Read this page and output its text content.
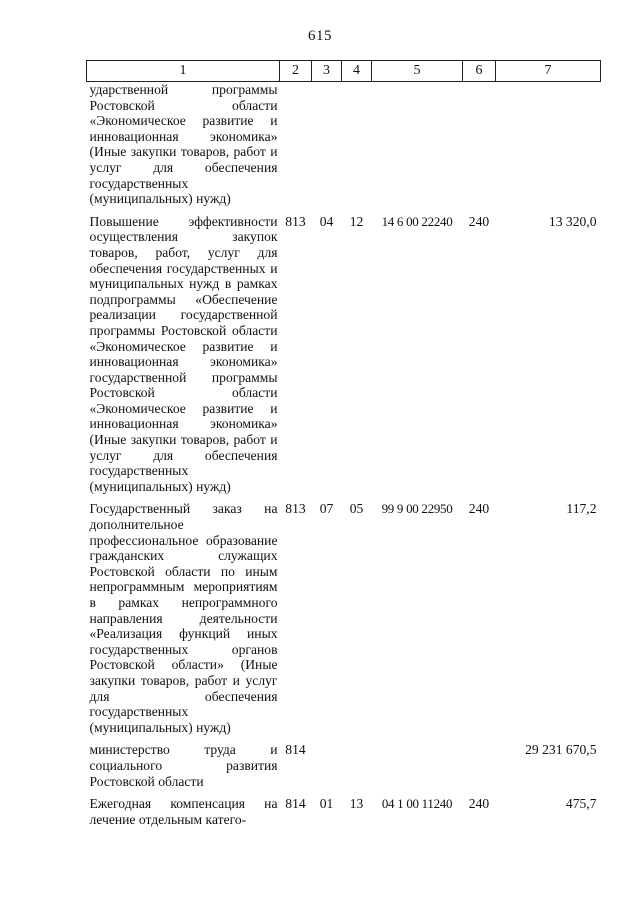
615
1	2	3	4	5	6	7
ударственной программы Ростовской области «Экономическое развитие и инновационная экономика» (Иные закупки товаров, работ и услуг для обеспечения государственных (муниципальных) нужд)						

Повышение эффективности осуществления закупок товаров, работ, услуг для обеспечения государственных и муниципальных нужд в рамках подпрограммы «Обеспечение реализации государственной программы Ростовской области «Экономическое развитие и инновационная экономика» государственной программы Ростовской области «Экономическое развитие и инновационная экономика» (Иные закупки товаров, работ и услуг для обеспечения государственных (муниципальных) нужд)	813	04	12	14 6 00 22240	240	13 320,0

Государственный заказ на дополнительное профессиональное образование гражданских служащих Ростовской области по иным непрограммным мероприятиям в рамках непрограммного направления деятельности «Реализация функций иных государственных органов Ростовской области» (Иные закупки товаров, работ и услуг для обеспечения государственных (муниципальных) нужд)	813	07	05	99 9 00 22950	240	117,2

министерство труда и социального развития Ростовской области	814					29 231 670,5

Ежегодная компенсация на лечение отдельным катего-	814	01	13	04 1 00 11240	240	475,7
